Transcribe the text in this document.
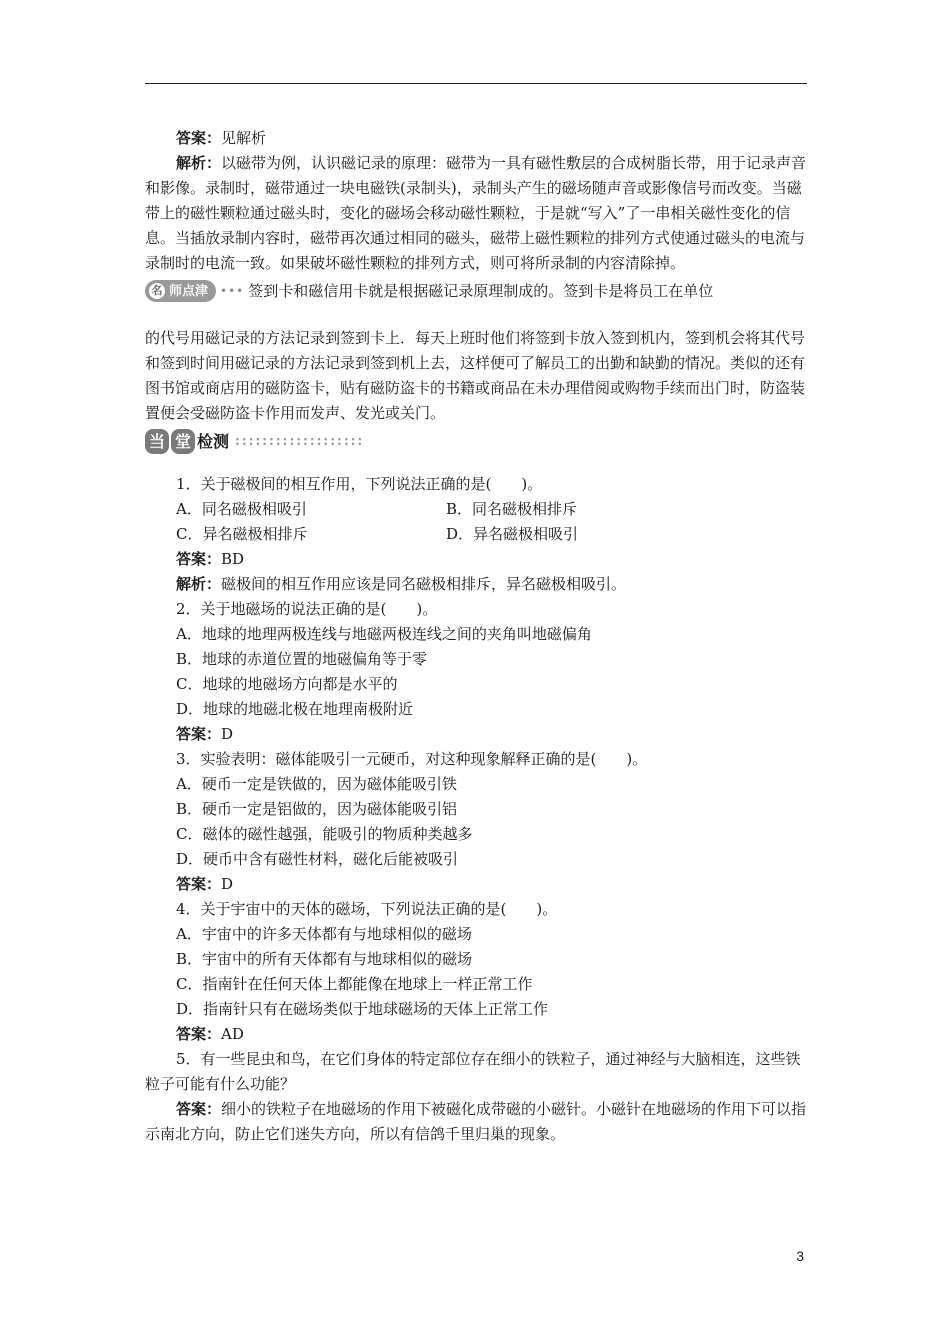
答案：见解析

解析：以磁带为例，认识磁记录的原理：磁带为一具有磁性敷层的合成树脂长带，用于记录声音和影像。录制时，磁带通过一块电磁铁(录制头)，录制头产生的磁场随声音或影像信号而改变。当磁带上的磁性颗粒通过磁头时，变化的磁场会移动磁性颗粒，于是就“写入”了一串相关磁性变化的信息。当插放录制内容时，磁带再次通过相同的磁头，磁带上磁性颗粒的排列方式使通过磁头的电流与录制时的电流一致。如果破坏磁性颗粒的排列方式，则可将所录制的内容清除掉。

名 师点津 ••• 签到卡和磁信用卡就是根据磁记录原理制成的。签到卡是将员工在单位

的代号用磁记录的方法记录到签到卡上．每天上班时他们将签到卡放入签到机内，签到机会将其代号和签到时间用磁记录的方法记录到签到机上去，这样便可了解员工的出勤和缺勤的情况。类似的还有图书馆或商店用的磁防盗卡，贴有磁防盗卡的书籍或商品在未办理借阅或购物手续而出门时，防盗装置便会受磁防盗卡作用而发声、发光或关门。

当 堂 检测 :::::::::::::::::::

1．关于磁极间的相互作用，下列说法正确的是(　　)。

A．同名磁极相吸引	B．同名磁极相排斥
C．异名磁极相排斥	D．异名磁极相吸引

答案：BD

解析：磁极间的相互作用应该是同名磁极相排斥，异名磁极相吸引。

2．关于地磁场的说法正确的是(　　)。

A．地球的地理两极连线与地磁两极连线之间的夹角叫地磁偏角

B．地球的赤道位置的地磁偏角等于零

C．地球的地磁场方向都是水平的

D．地球的地磁北极在地理南极附近

答案：D

3．实验表明：磁体能吸引一元硬币，对这种现象解释正确的是(　　)。

A．硬币一定是铁做的，因为磁体能吸引铁

B．硬币一定是铝做的，因为磁体能吸引铝

C．磁体的磁性越强，能吸引的物质种类越多

D．硬币中含有磁性材料，磁化后能被吸引

答案：D

4．关于宇宙中的天体的磁场，下列说法正确的是(　　)。

A．宇宙中的许多天体都有与地球相似的磁场

B．宇宙中的所有天体都有与地球相似的磁场

C．指南针在任何天体上都能像在地球上一样正常工作

D．指南针只有在磁场类似于地球磁场的天体上正常工作

答案：AD

5．有一些昆虫和鸟，在它们身体的特定部位存在细小的铁粒子，通过神经与大脑相连，这些铁粒子可能有什么功能？

答案：细小的铁粒子在地磁场的作用下被磁化成带磁的小磁针。小磁针在地磁场的作用下可以指示南北方向，防止它们迷失方向，所以有信鸽千里归巢的现象。

3
